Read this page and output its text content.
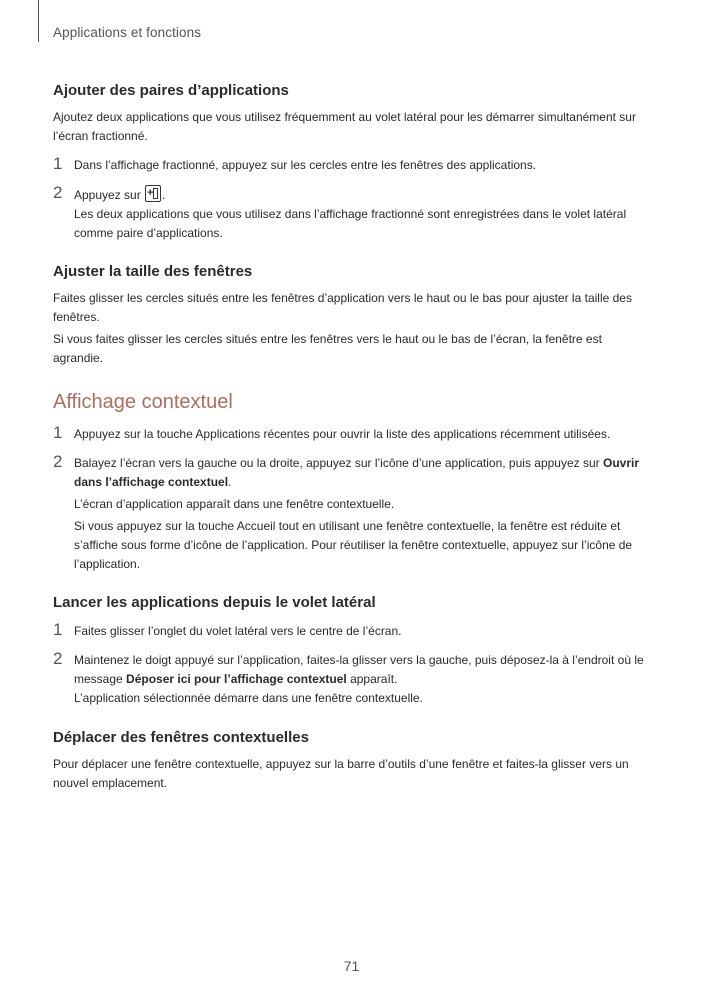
Applications et fonctions
Ajouter des paires d’applications

Ajoutez deux applications que vous utilisez fréquemment au volet latéral pour les démarrer simultanément sur l’écran fractionné.

1 Dans l’affichage fractionné, appuyez sur les cercles entre les fenêtres des applications.

2 Appuyez sur +.

Les deux applications que vous utilisez dans l’affichage fractionné sont enregistrées dans le volet latéral comme paire d’applications.

Ajuster la taille des fenêtres

Faites glisser les cercles situés entre les fenêtres d’application vers le haut ou le bas pour ajuster la taille des fenêtres.

Si vous faites glisser les cercles situés entre les fenêtres vers le haut ou le bas de l’écran, la fenêtre est agrandie.

Affichage contextuel
1 Appuyez sur la touche Applications récentes pour ouvrir la liste des applications récemment utilisées.

2 Balayez l’écran vers la gauche ou la droite, appuyez sur l’icône d’une application, puis appuyez sur Ouvrir dans l’affichage contextuel.

L’écran d’application apparaît dans une fenêtre contextuelle.

Si vous appuyez sur la touche Accueil tout en utilisant une fenêtre contextuelle, la fenêtre est réduite et s’affiche sous forme d’icône de l’application. Pour réutiliser la fenêtre contextuelle, appuyez sur l’icône de l’application.

Lancer les applications depuis le volet latéral
1 Faites glisser l’onglet du volet latéral vers le centre de l’écran.

2 Maintenez le doigt appuyé sur l’application, faites-la glisser vers la gauche, puis déposez-la à l’endroit où le message Déposer ici pour l’affichage contextuel apparaît.

L’application sélectionnée démarre dans une fenêtre contextuelle.

Déplacer des fenêtres contextuelles

Pour déplacer une fenêtre contextuelle, appuyez sur la barre d’outils d’une fenêtre et faites-la glisser vers un nouvel emplacement.

71
